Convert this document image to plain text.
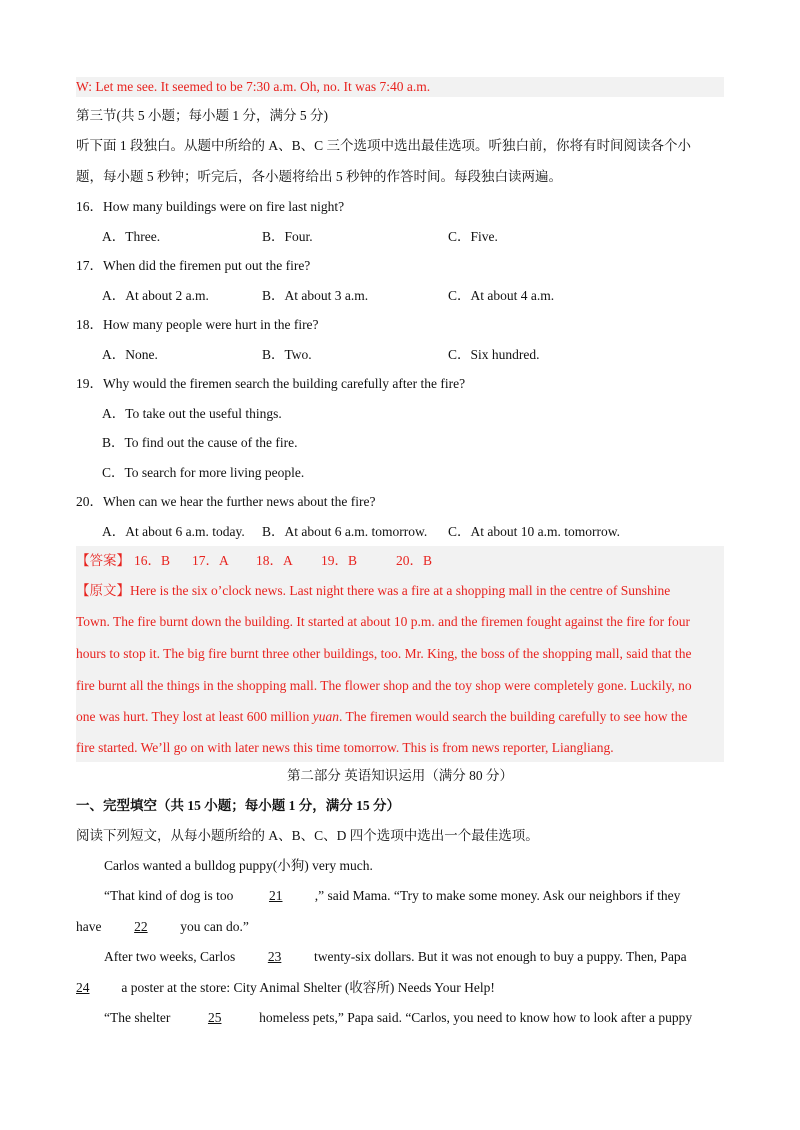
W: Let me see. It seemed to be 7:30 a.m. Oh, no. It was 7:40 a.m.
第三节(共 5 小题；每小题 1 分，满分 5 分)
听下面 1 段独白。从题中所给的 A、B、C 三个选项中选出最佳选项。听独白前，你将有时间阅读各个小
题，每小题 5 秒钟；听完后，各小题将给出 5 秒钟的作答时间。每段独白读两遍。
16．How many buildings were on fire last night?
A．Three.	B．Four.	C．Five.
17．When did the firemen put out the fire?
A．At about 2 a.m.	B．At about 3 a.m.	C．At about 4 a.m.
18．How many people were hurt in the fire?
A．None.	B．Two.	C．Six hundred.
19．Why would the firemen search the building carefully after the fire?
A．To take out the useful things.
B．To find out the cause of the fire.
C．To search for more living people.
20．When can we hear the further news about the fire?
A．At about 6 a.m. today. B．At about 6 a.m. tomorrow. C．At about 10 a.m. tomorrow.
【答案】 16．B 17．A 18．A 19．B	20．B
【原文】Here is the six o’clock news. Last night there was a fire at a shopping mall in the centre of Sunshine
Town. The fire burnt down the building. It started at about 10 p.m. and the firemen fought against the fire for four
hours to stop it. The big fire burnt three other buildings, too. Mr. King, the boss of the shopping mall, said that the
fire burnt all the things in the shopping mall. The flower shop and the toy shop were completely gone. Luckily, no
one was hurt. They lost at least 600 million yuan. The firemen would search the building carefully to see how the
fire started. We’ll go on with later news this time tomorrow. This is from news reporter, Liangliang.
第二部分 英语知识运用（满分 80 分）
一、完型填空（共 15 小题；每小题 1 分，满分 15 分）
阅读下列短文，从每小题所给的 A、B、C、D 四个选项中选出一个最佳选项。
Carlos wanted a bulldog puppy(小狗) very much.
“That kind of dog is too 21 ,” said Mama. “Try to make some money. Ask our neighbors if they
have 22 you can do.”
After two weeks, Carlos 23 twenty-six dollars. But it was not enough to buy a puppy. Then, Papa
24 a poster at the store: City Animal Shelter (收容所) Needs Your Help!
“The shelter	25	homeless pets,” Papa said. “Carlos, you need to know how to look after a puppy
